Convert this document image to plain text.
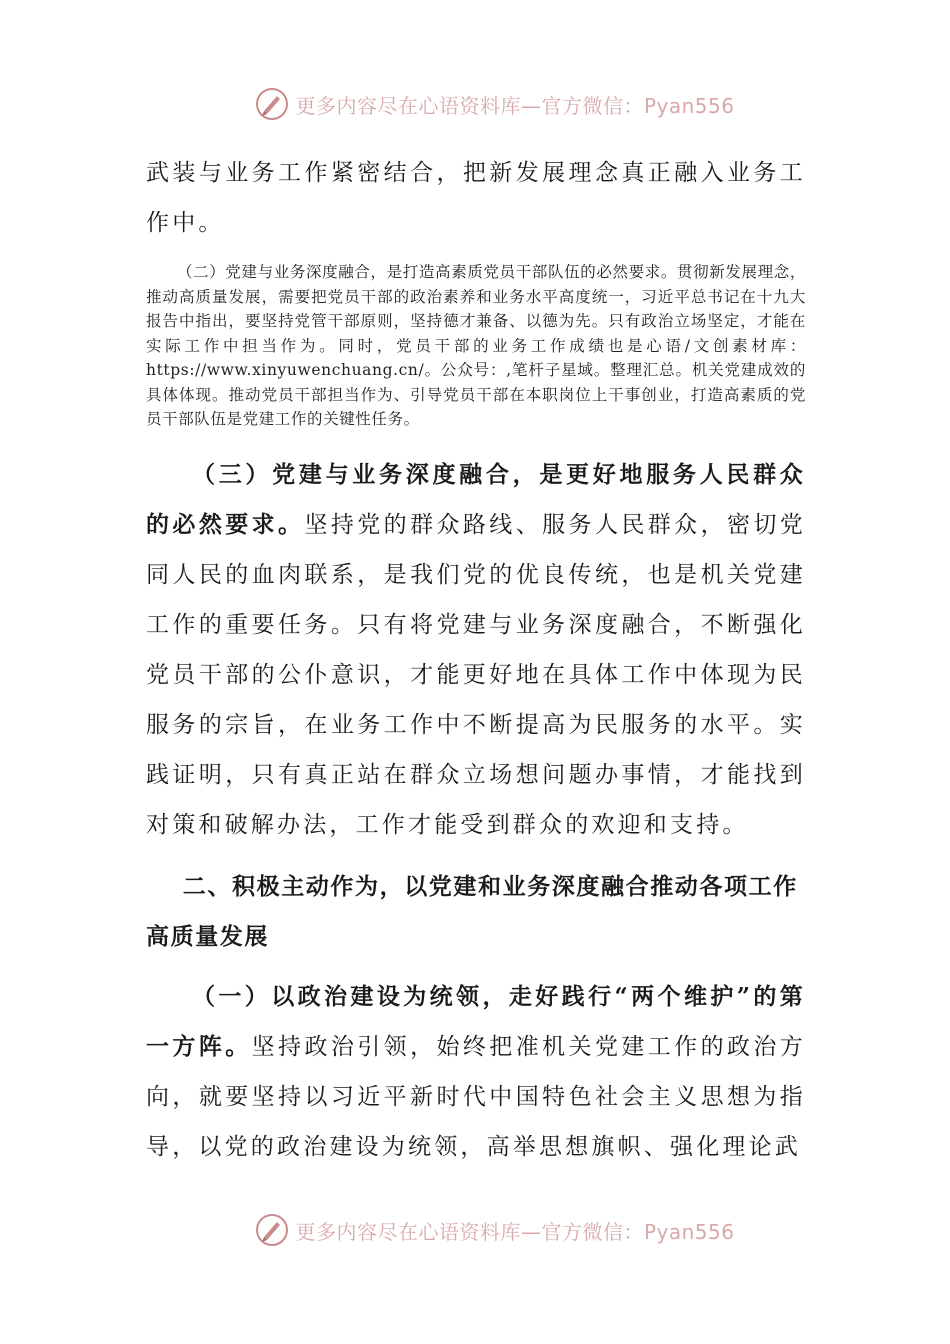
更多内容尽在心语资料库—官方微信：Pyan556

武装与业务工作紧密结合，把新发展理念真正融入业务工作中。

（二）党建与业务深度融合，是打造高素质党员干部队伍的必然要求。贯彻新发展理念，推动高质量发展，需要把党员干部的政治素养和业务水平高度统一，习近平总书记在十九大报告中指出，要坚持党管干部原则，坚持德才兼备、以德为先。只有政治立场坚定，才能在实际工作中担当作为。同时，党员干部的业务工作成绩也是心语/文创素材库：https://www.xinyuwenchuang.cn/。公众号：,笔杆子星域。整理汇总。机关党建成效的具体体现。推动党员干部担当作为、引导党员干部在本职岗位上干事创业，打造高素质的党员干部队伍是党建工作的关键性任务。

（三）党建与业务深度融合，是更好地服务人民群众的必然要求。坚持党的群众路线、服务人民群众，密切党同人民的血肉联系，是我们党的优良传统，也是机关党建工作的重要任务。只有将党建与业务深度融合，不断强化党员干部的公仆意识，才能更好地在具体工作中体现为民服务的宗旨，在业务工作中不断提高为民服务的水平。实践证明，只有真正站在群众立场想问题办事情，才能找到对策和破解办法，工作才能受到群众的欢迎和支持。

二、积极主动作为，以党建和业务深度融合推动各项工作高质量发展

（一）以政治建设为统领，走好践行“两个维护”的第一方阵。坚持政治引领，始终把准机关党建工作的政治方向，就要坚持以习近平新时代中国特色社会主义思想为指导，以党的政治建设为统领，高举思想旗帜、强化理论武

更多内容尽在心语资料库—官方微信：Pyan556
